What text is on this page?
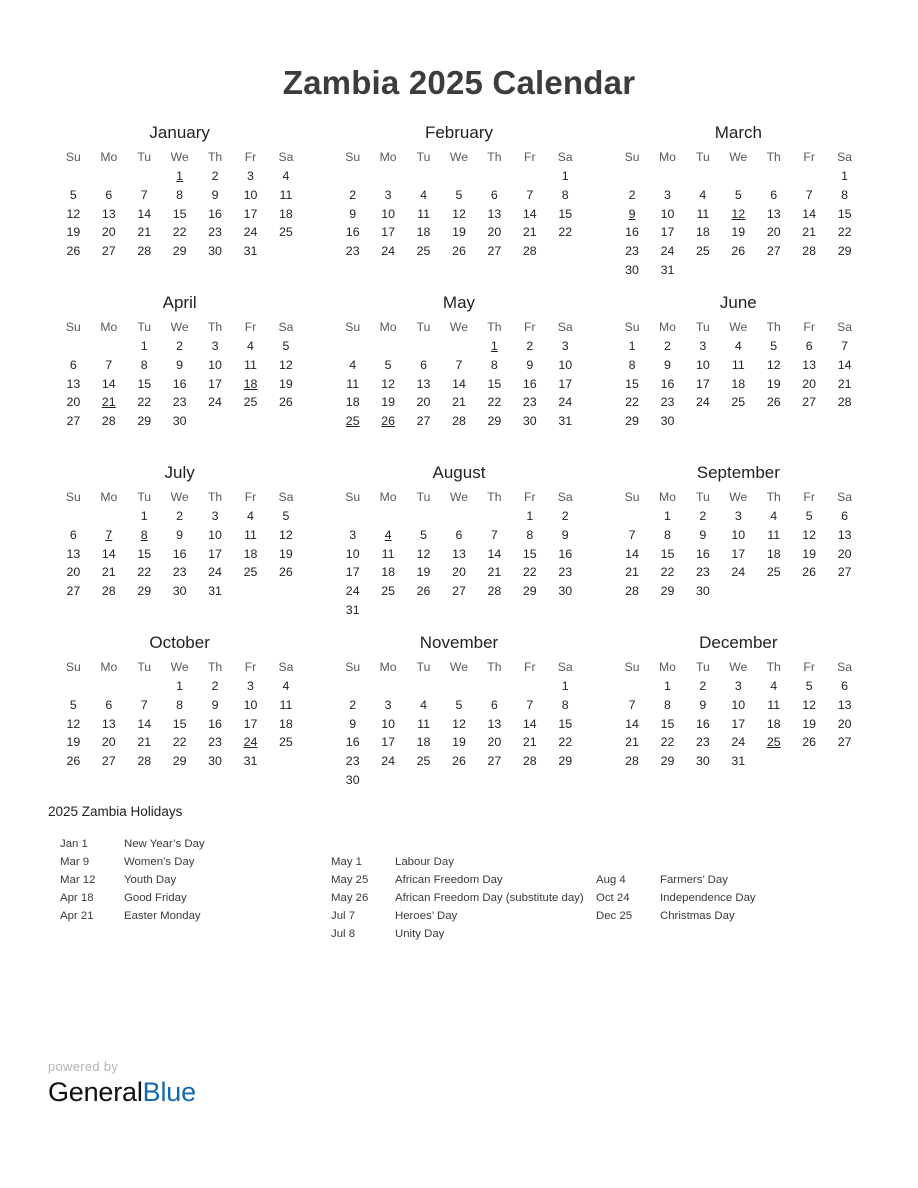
Zambia 2025 Calendar
January
Su	Mo	Tu	We	Th	Fr	Sa
			1	2	3	4
5	6	7	8	9	10	11
12	13	14	15	16	17	18
19	20	21	22	23	24	25
26	27	28	29	30	31	
February
Su	Mo	Tu	We	Th	Fr	Sa
						1
2	3	4	5	6	7	8
9	10	11	12	13	14	15
16	17	18	19	20	21	22
23	24	25	26	27	28	
March
Su	Mo	Tu	We	Th	Fr	Sa
						1
2	3	4	5	6	7	8
9	10	11	12	13	14	15
16	17	18	19	20	21	22
23	24	25	26	27	28	29
30	31					
April
Su	Mo	Tu	We	Th	Fr	Sa
		1	2	3	4	5
6	7	8	9	10	11	12
13	14	15	16	17	18	19
20	21	22	23	24	25	26
27	28	29	30			
May
Su	Mo	Tu	We	Th	Fr	Sa
				1	2	3
4	5	6	7	8	9	10
11	12	13	14	15	16	17
18	19	20	21	22	23	24
25	26	27	28	29	30	31
June
Su	Mo	Tu	We	Th	Fr	Sa
1	2	3	4	5	6	7
8	9	10	11	12	13	14
15	16	17	18	19	20	21
22	23	24	25	26	27	28
29	30					
July
Su	Mo	Tu	We	Th	Fr	Sa
		1	2	3	4	5
6	7	8	9	10	11	12
13	14	15	16	17	18	19
20	21	22	23	24	25	26
27	28	29	30	31		
August
Su	Mo	Tu	We	Th	Fr	Sa
					1	2
3	4	5	6	7	8	9
10	11	12	13	14	15	16
17	18	19	20	21	22	23
24	25	26	27	28	29	30
31						
September
Su	Mo	Tu	We	Th	Fr	Sa
	1	2	3	4	5	6
7	8	9	10	11	12	13
14	15	16	17	18	19	20
21	22	23	24	25	26	27
28	29	30				
October
Su	Mo	Tu	We	Th	Fr	Sa
			1	2	3	4
5	6	7	8	9	10	11
12	13	14	15	16	17	18
19	20	21	22	23	24	25
26	27	28	29	30	31	
November
Su	Mo	Tu	We	Th	Fr	Sa
						1
2	3	4	5	6	7	8
9	10	11	12	13	14	15
16	17	18	19	20	21	22
23	24	25	26	27	28	29
30						
December
Su	Mo	Tu	We	Th	Fr	Sa
	1	2	3	4	5	6
7	8	9	10	11	12	13
14	15	16	17	18	19	20
21	22	23	24	25	26	27
28	29	30	31			
2025 Zambia Holidays
Jan 1	New Year’s Day
Mar 9	Women’s Day
Mar 12	Youth Day
Apr 18	Good Friday
Apr 21	Easter Monday
May 1	Labour Day
May 25	African Freedom Day
May 26	African Freedom Day (substitute day)
Jul 7	Heroes’ Day
Jul 8	Unity Day
Aug 4	Farmers’ Day
Oct 24	Independence Day
Dec 25	Christmas Day
powered by
GeneralBlue
